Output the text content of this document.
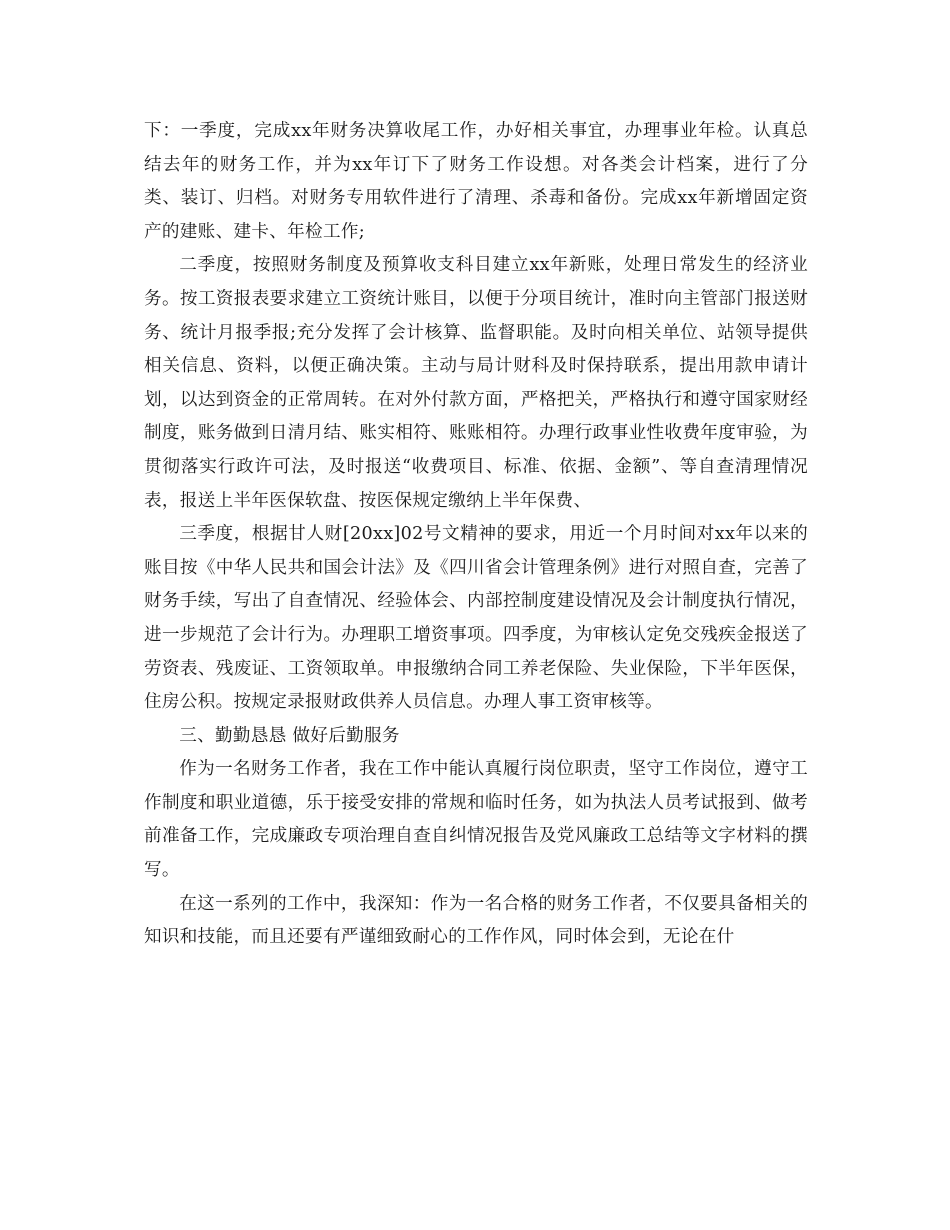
下：一季度，完成xx年财务决算收尾工作，办好相关事宜，办理事业年检。认真总结去年的财务工作，并为xx年订下了财务工作设想。对各类会计档案，进行了分类、装订、归档。对财务专用软件进行了清理、杀毒和备份。完成xx年新增固定资产的建账、建卡、年检工作;

二季度，按照财务制度及预算收支科目建立xx年新账，处理日常发生的经济业务。按工资报表要求建立工资统计账目，以便于分项目统计，准时向主管部门报送财务、统计月报季报;充分发挥了会计核算、监督职能。及时向相关单位、站领导提供相关信息、资料，以便正确决策。主动与局计财科及时保持联系，提出用款申请计划，以达到资金的正常周转。在对外付款方面，严格把关，严格执行和遵守国家财经制度，账务做到日清月结、账实相符、账账相符。办理行政事业性收费年度审验，为贯彻落实行政许可法，及时报送“收费项目、标准、依据、金额”、等自查清理情况表，报送上半年医保软盘、按医保规定缴纳上半年保费、

三季度，根据甘人财[20xx]02号文精神的要求，用近一个月时间对xx年以来的账目按《中华人民共和国会计法》及《四川省会计管理条例》进行对照自查，完善了财务手续，写出了自查情况、经验体会、内部控制度建设情况及会计制度执行情况，进一步规范了会计行为。办理职工增资事项。四季度，为审核认定免交残疾金报送了劳资表、残废证、工资领取单。申报缴纳合同工养老保险、失业保险，下半年医保，住房公积。按规定录报财政供养人员信息。办理人事工资审核等。

三、勤勤恳恳 做好后勤服务

作为一名财务工作者，我在工作中能认真履行岗位职责，坚守工作岗位，遵守工作制度和职业道德，乐于接受安排的常规和临时任务，如为执法人员考试报到、做考前准备工作，完成廉政专项治理自查自纠情况报告及党风廉政工总结等文字材料的撰写。

在这一系列的工作中，我深知：作为一名合格的财务工作者，不仅要具备相关的知识和技能，而且还要有严谨细致耐心的工作作风，同时体会到，无论在什
